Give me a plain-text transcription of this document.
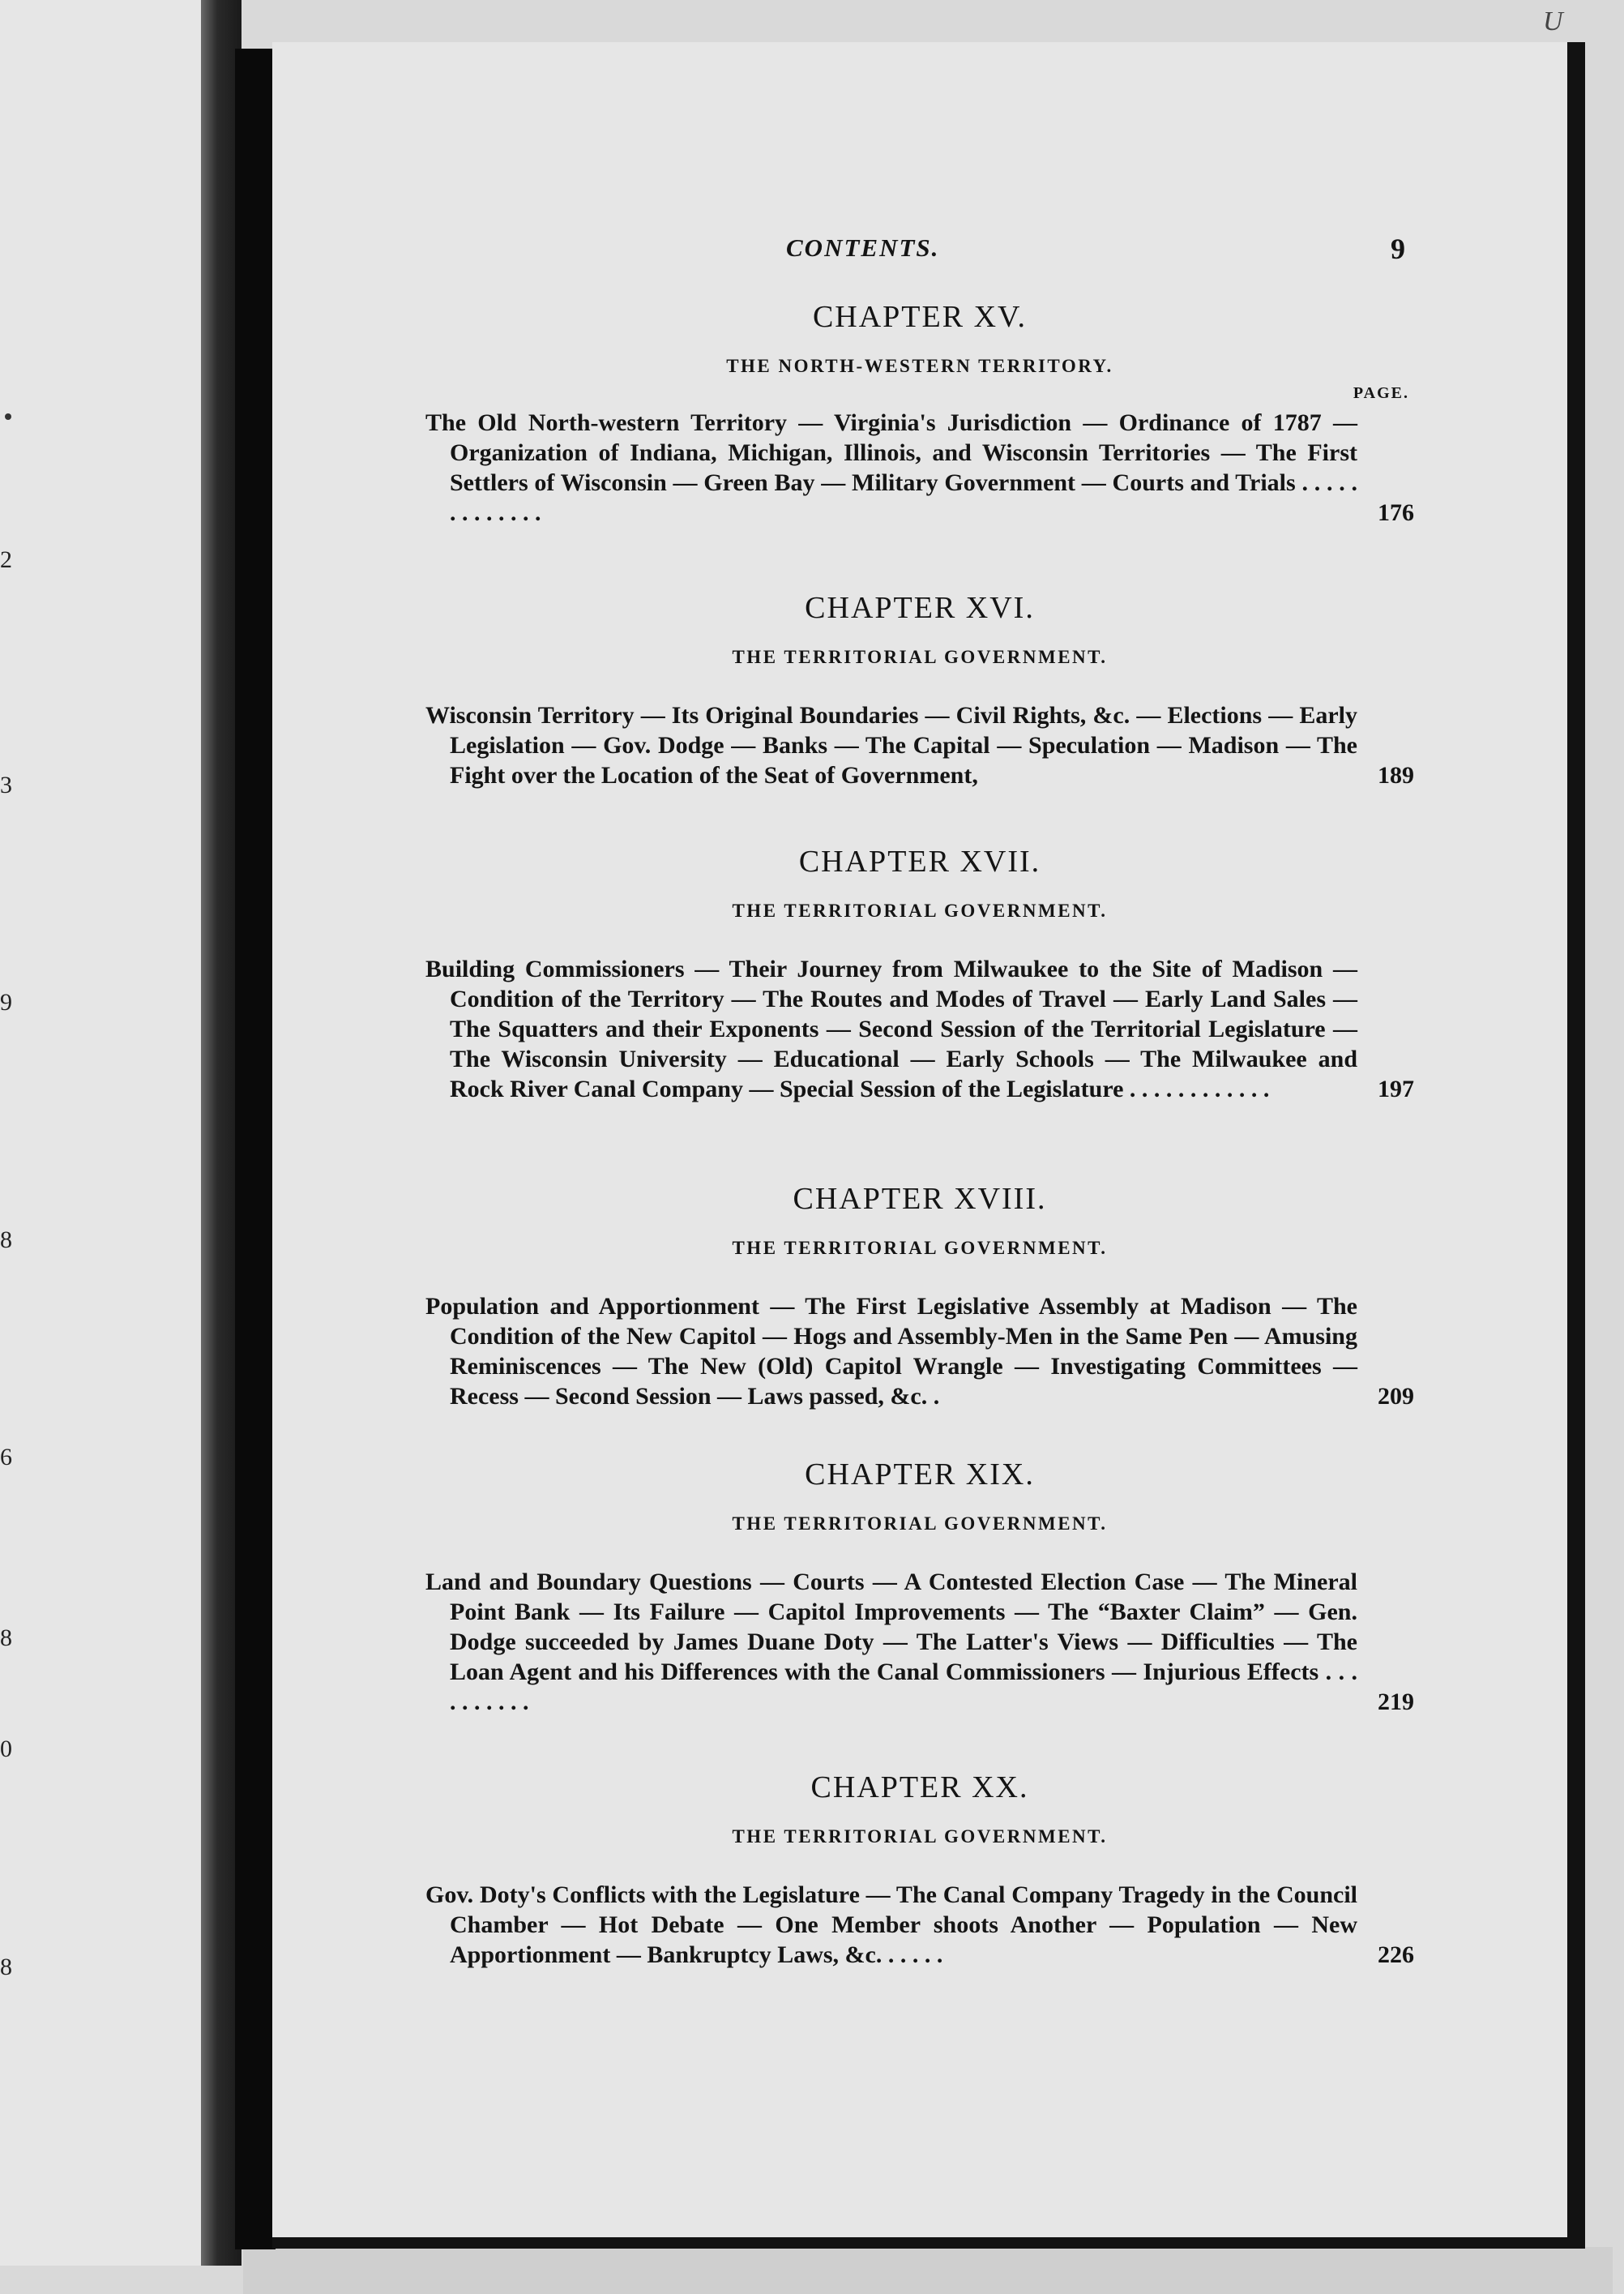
2
3
9
8
6
8
0
8
U
CONTENTS.	9
CHAPTER XV.
THE NORTH-WESTERN TERRITORY.
PAGE.
The Old North-western Territory — Virginia's Jurisdiction — Ordinance of 1787 — Organization of Indiana, Michigan, Illinois, and Wisconsin Territories — The First Settlers of Wisconsin — Green Bay — Military Government — Courts and Trials . . . . . . . . . . . . .	176
CHAPTER XVI.
THE TERRITORIAL GOVERNMENT.
Wisconsin Territory — Its Original Boundaries — Civil Rights, &c. — Elections — Early Legislation — Gov. Dodge — Banks — The Capital — Speculation — Madison — The Fight over the Location of the Seat of Government,	189
CHAPTER XVII.
THE TERRITORIAL GOVERNMENT.
Building Commissioners — Their Journey from Milwaukee to the Site of Madison — Condition of the Territory — The Routes and Modes of Travel — Early Land Sales — The Squatters and their Exponents — Second Session of the Territorial Legislature — The Wisconsin University — Educational — Early Schools — The Milwaukee and Rock River Canal Company — Special Session of the Legislature . . . . . . . . . . . .	197
CHAPTER XVIII.
THE TERRITORIAL GOVERNMENT.
Population and Apportionment — The First Legislative Assembly at Madison — The Condition of the New Capitol — Hogs and Assembly-Men in the Same Pen — Amusing Reminiscences — The New (Old) Capitol Wrangle — Investigating Committees — Recess — Second Session — Laws passed, &c. .	209
CHAPTER XIX.
THE TERRITORIAL GOVERNMENT.
Land and Boundary Questions — Courts — A Contested Election Case — The Mineral Point Bank — Its Failure — Capitol Improvements — The “Baxter Claim” — Gen. Dodge succeeded by James Duane Doty — The Latter's Views — Difficulties — The Loan Agent and his Differences with the Canal Commissioners — Injurious Effects . . . . . . . . . .	219
CHAPTER XX.
THE TERRITORIAL GOVERNMENT.
Gov. Doty's Conflicts with the Legislature — The Canal Company Tragedy in the Council Chamber — Hot Debate — One Member shoots Another — Population — New Apportionment — Bankruptcy Laws, &c. . . . . .	226
